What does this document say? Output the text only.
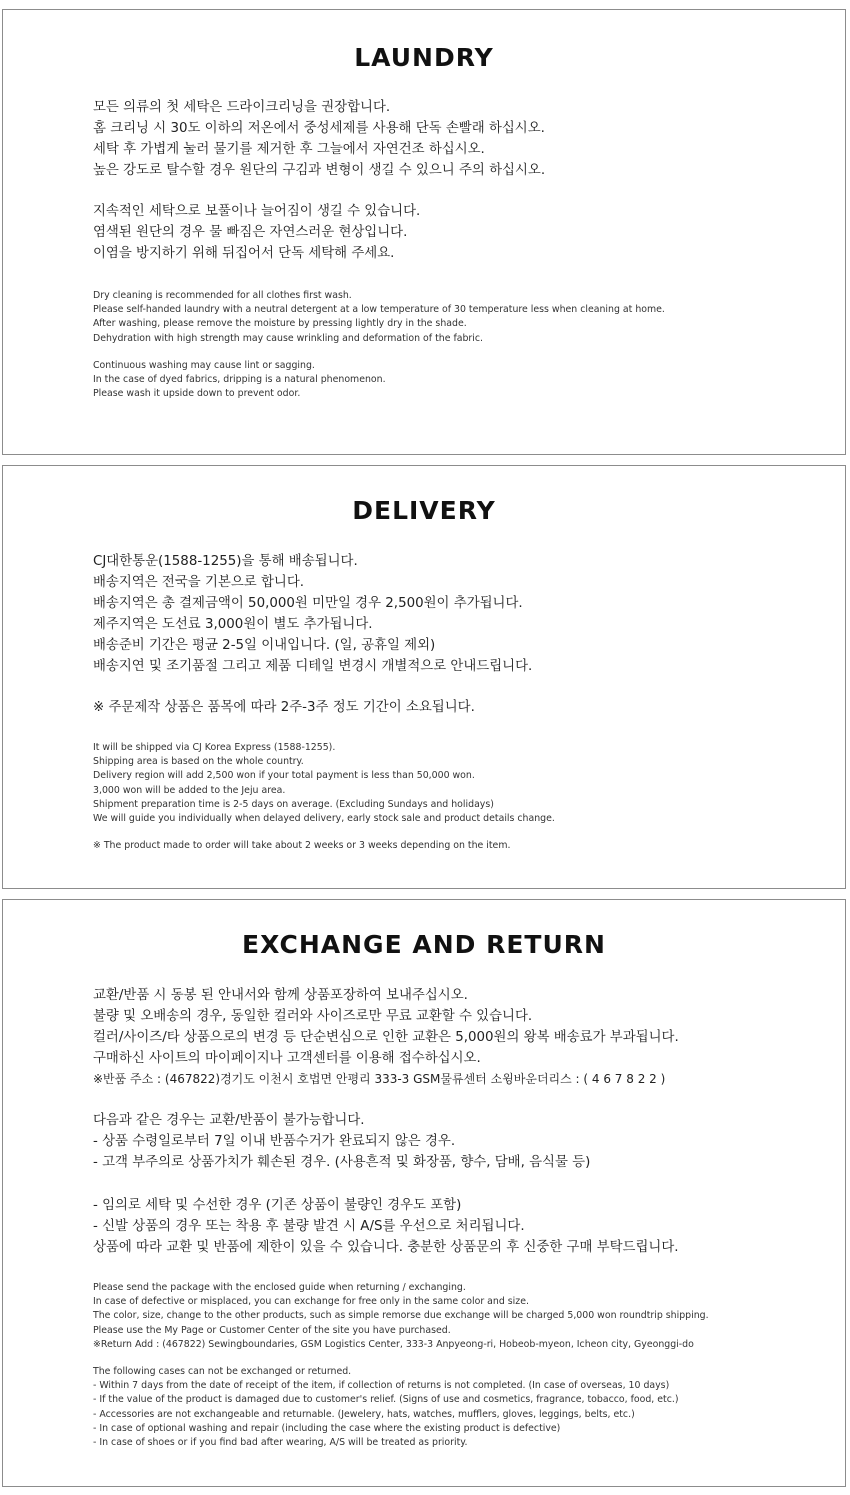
LAUNDRY
모든 의류의 첫 세탁은 드라이크리닝을 권장합니다.
홈 크리닝 시 30도 이하의 저온에서 중성세제를 사용해 단독 손빨래 하십시오.
세탁 후 가볍게 눌러 물기를 제거한 후 그늘에서 자연건조 하십시오.
높은 강도로 탈수할 경우 원단의 구김과 변형이 생길 수 있으니 주의 하십시오.
지속적인 세탁으로 보풀이나 늘어짐이 생길 수 있습니다.
염색된 원단의 경우 물 빠짐은 자연스러운 현상입니다.
이염을 방지하기 위해 뒤집어서 단독 세탁해 주세요.
Dry cleaning is recommended for all clothes first wash.
Please self-handed laundry with a neutral detergent at a low temperature of 30 temperature less when cleaning at home.
After washing, please remove the moisture by pressing lightly dry in the shade.
Dehydration with high strength may cause wrinkling and deformation of the fabric.
Continuous washing may cause lint or sagging.
In the case of dyed fabrics, dripping is a natural phenomenon.
Please wash it upside down to prevent odor.
DELIVERY
CJ대한통운(1588-1255)을 통해 배송됩니다.
배송지역은 전국을 기본으로 합니다.
배송지역은 총 결제금액이 50,000원 미만일 경우 2,500원이 추가됩니다.
제주지역은 도선료 3,000원이 별도 추가됩니다.
배송준비 기간은 평균 2-5일 이내입니다. (일, 공휴일 제외)
배송지연 및 조기품절 그리고 제품 디테일 변경시 개별적으로 안내드립니다.
※ 주문제작 상품은 품목에 따라 2주-3주 정도 기간이 소요됩니다.
It will be shipped via CJ Korea Express (1588-1255).
Shipping area is based on the whole country.
Delivery region will add 2,500 won if your total payment is less than 50,000 won.
3,000 won will be added to the Jeju area.
Shipment preparation time is 2-5 days on average. (Excluding Sundays and holidays)
We will guide you individually when delayed delivery, early stock sale and product details change.
※ The product made to order will take about 2 weeks or 3 weeks depending on the item.
EXCHANGE AND RETURN
교환/반품 시 동봉 된 안내서와 함께 상품포장하여 보내주십시오.
불량 및 오배송의 경우, 동일한 컬러와 사이즈로만 무료 교환할 수 있습니다.
컬러/사이즈/타 상품으로의 변경 등 단순변심으로 인한 교환은 5,000원의 왕복 배송료가 부과됩니다.
구매하신 사이트의 마이페이지나 고객센터를 이용해 접수하십시오.
※반품 주소 : (467822)경기도 이천시 호법면 안평리 333-3 GSM물류센터 소윙바운더리스 : ( 4 6 7 8 2 2 )
다음과 같은 경우는 교환/반품이 불가능합니다.
- 상품 수령일로부터 7일 이내 반품수거가 완료되지 않은 경우.
- 고객 부주의로 상품가치가 훼손된 경우. (사용흔적 및 화장품, 향수, 담배, 음식물 등)
- 임의로 세탁 및 수선한 경우 (기존 상품이 불량인 경우도 포함)
- 신발 상품의 경우 또는 착용 후 불량 발견 시 A/S를 우선으로 처리됩니다.
상품에 따라 교환 및 반품에 제한이 있을 수 있습니다. 충분한 상품문의 후 신중한 구매 부탁드립니다.
Please send the package with the enclosed guide when returning / exchanging.
In case of defective or misplaced, you can exchange for free only in the same color and size.
The color, size, change to the other products, such as simple remorse due exchange will be charged 5,000 won roundtrip shipping.
Please use the My Page or Customer Center of the site you have purchased.
※Return Add : (467822) Sewingboundaries, GSM Logistics Center, 333-3 Anpyeong-ri, Hobeob-myeon, Icheon city, Gyeonggi-do
The following cases can not be exchanged or returned.
- Within 7 days from the date of receipt of the item, if collection of returns is not completed. (In case of overseas, 10 days)
- If the value of the product is damaged due to customer's relief. (Signs of use and cosmetics, fragrance, tobacco, food, etc.)
- Accessories are not exchangeable and returnable. (Jewelery, hats, watches, mufflers, gloves, leggings, belts, etc.)
- In case of optional washing and repair (including the case where the existing product is defective)
- In case of shoes or if you find bad after wearing, A/S will be treated as priority.
